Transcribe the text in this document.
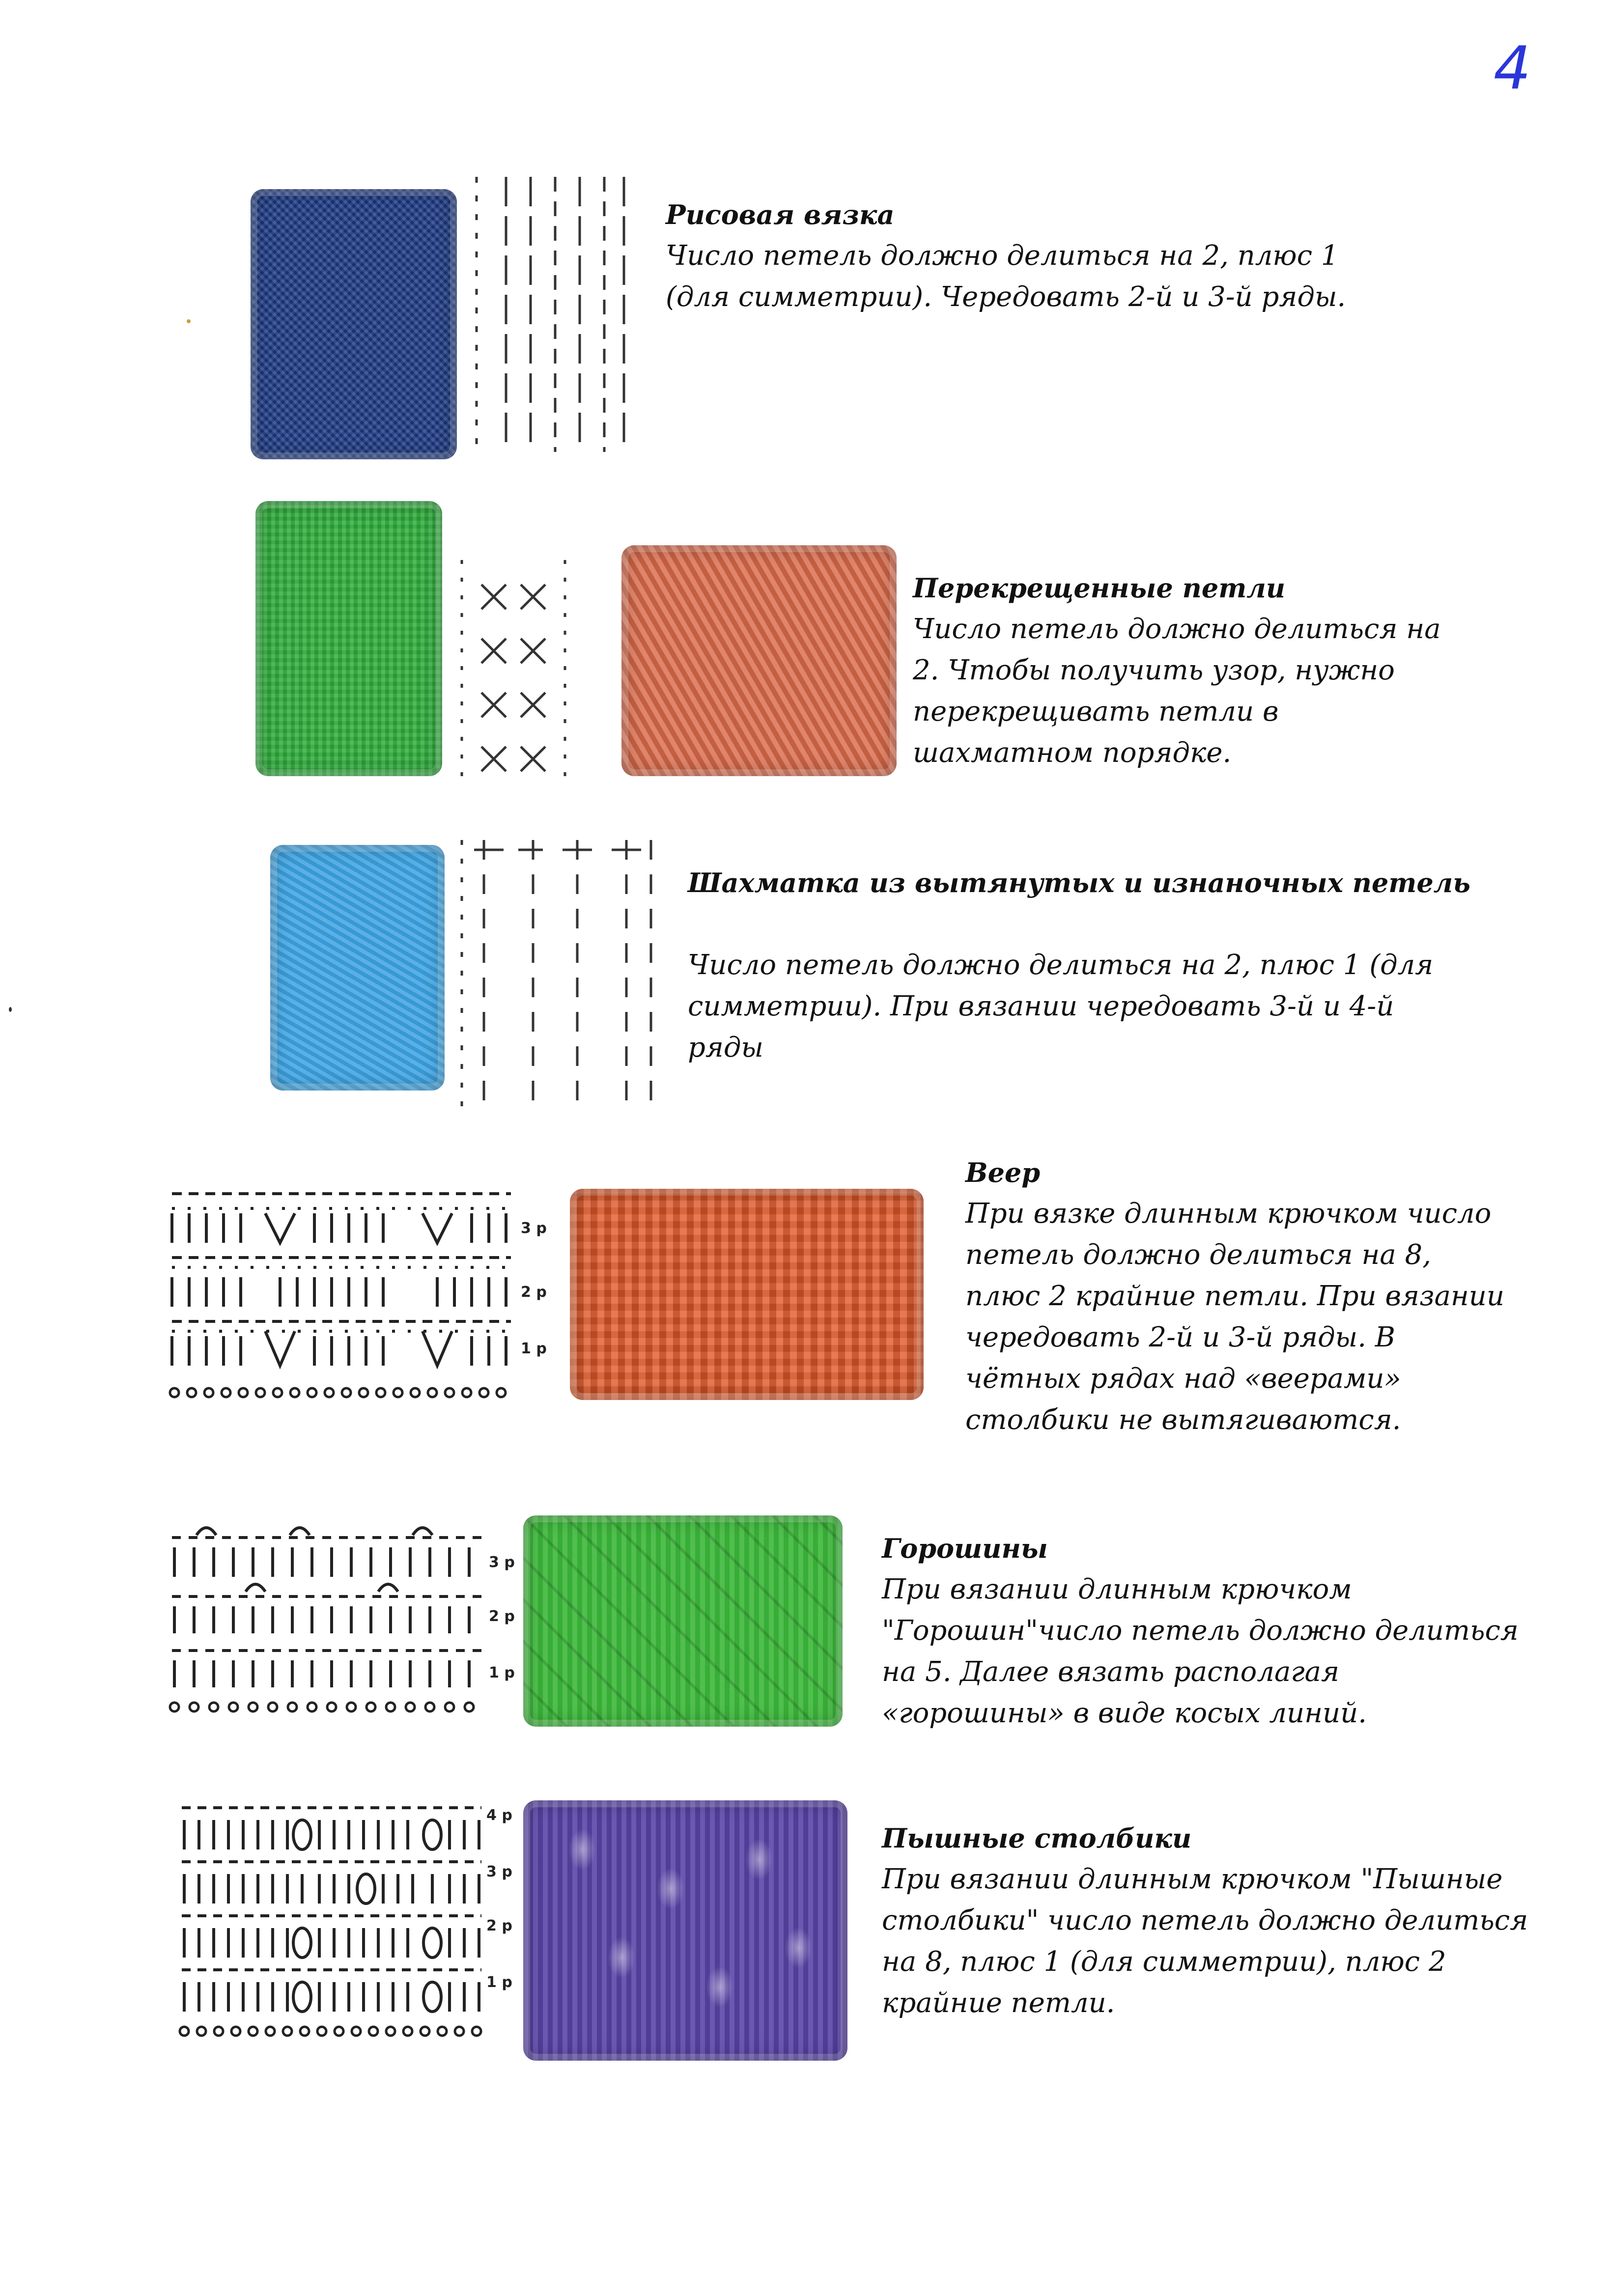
4
Рисовая вязка
Число петель должно делиться на 2, плюс 1 (для симметрии). Чередовать 2-й и 3-й ряды.
Перекрещенные петли
Число петель должно делиться на 2. Чтобы получить узор, нужно перекрещивать петли в шахматном порядке.
Шахматка из вытянутых и изнаночных петель
Число петель должно делиться на 2, плюс 1 (для симметрии). При вязании чередовать 3-й и 4-й ряды
3 р
2 р
1 р
Веер
При вязке длинным крючком число петель должно делиться на 8, плюс 2 крайние петли. При вязании чередовать 2-й и 3-й ряды. В чётных рядах над «веерами» столбики не вытягиваются.
3 р
2 р
1 р
Горошины
При вязании длинным крючком "Горошин"число петель должно делиться на 5. Далее вязать располагая «горошины» в виде косых линий.
4 р
3 р
2 р
1 р
Пышные столбики
При вязании длинным крючком "Пышные столбики" число петель должно делиться на 8, плюс 1 (для симметрии), плюс 2 крайние петли.
